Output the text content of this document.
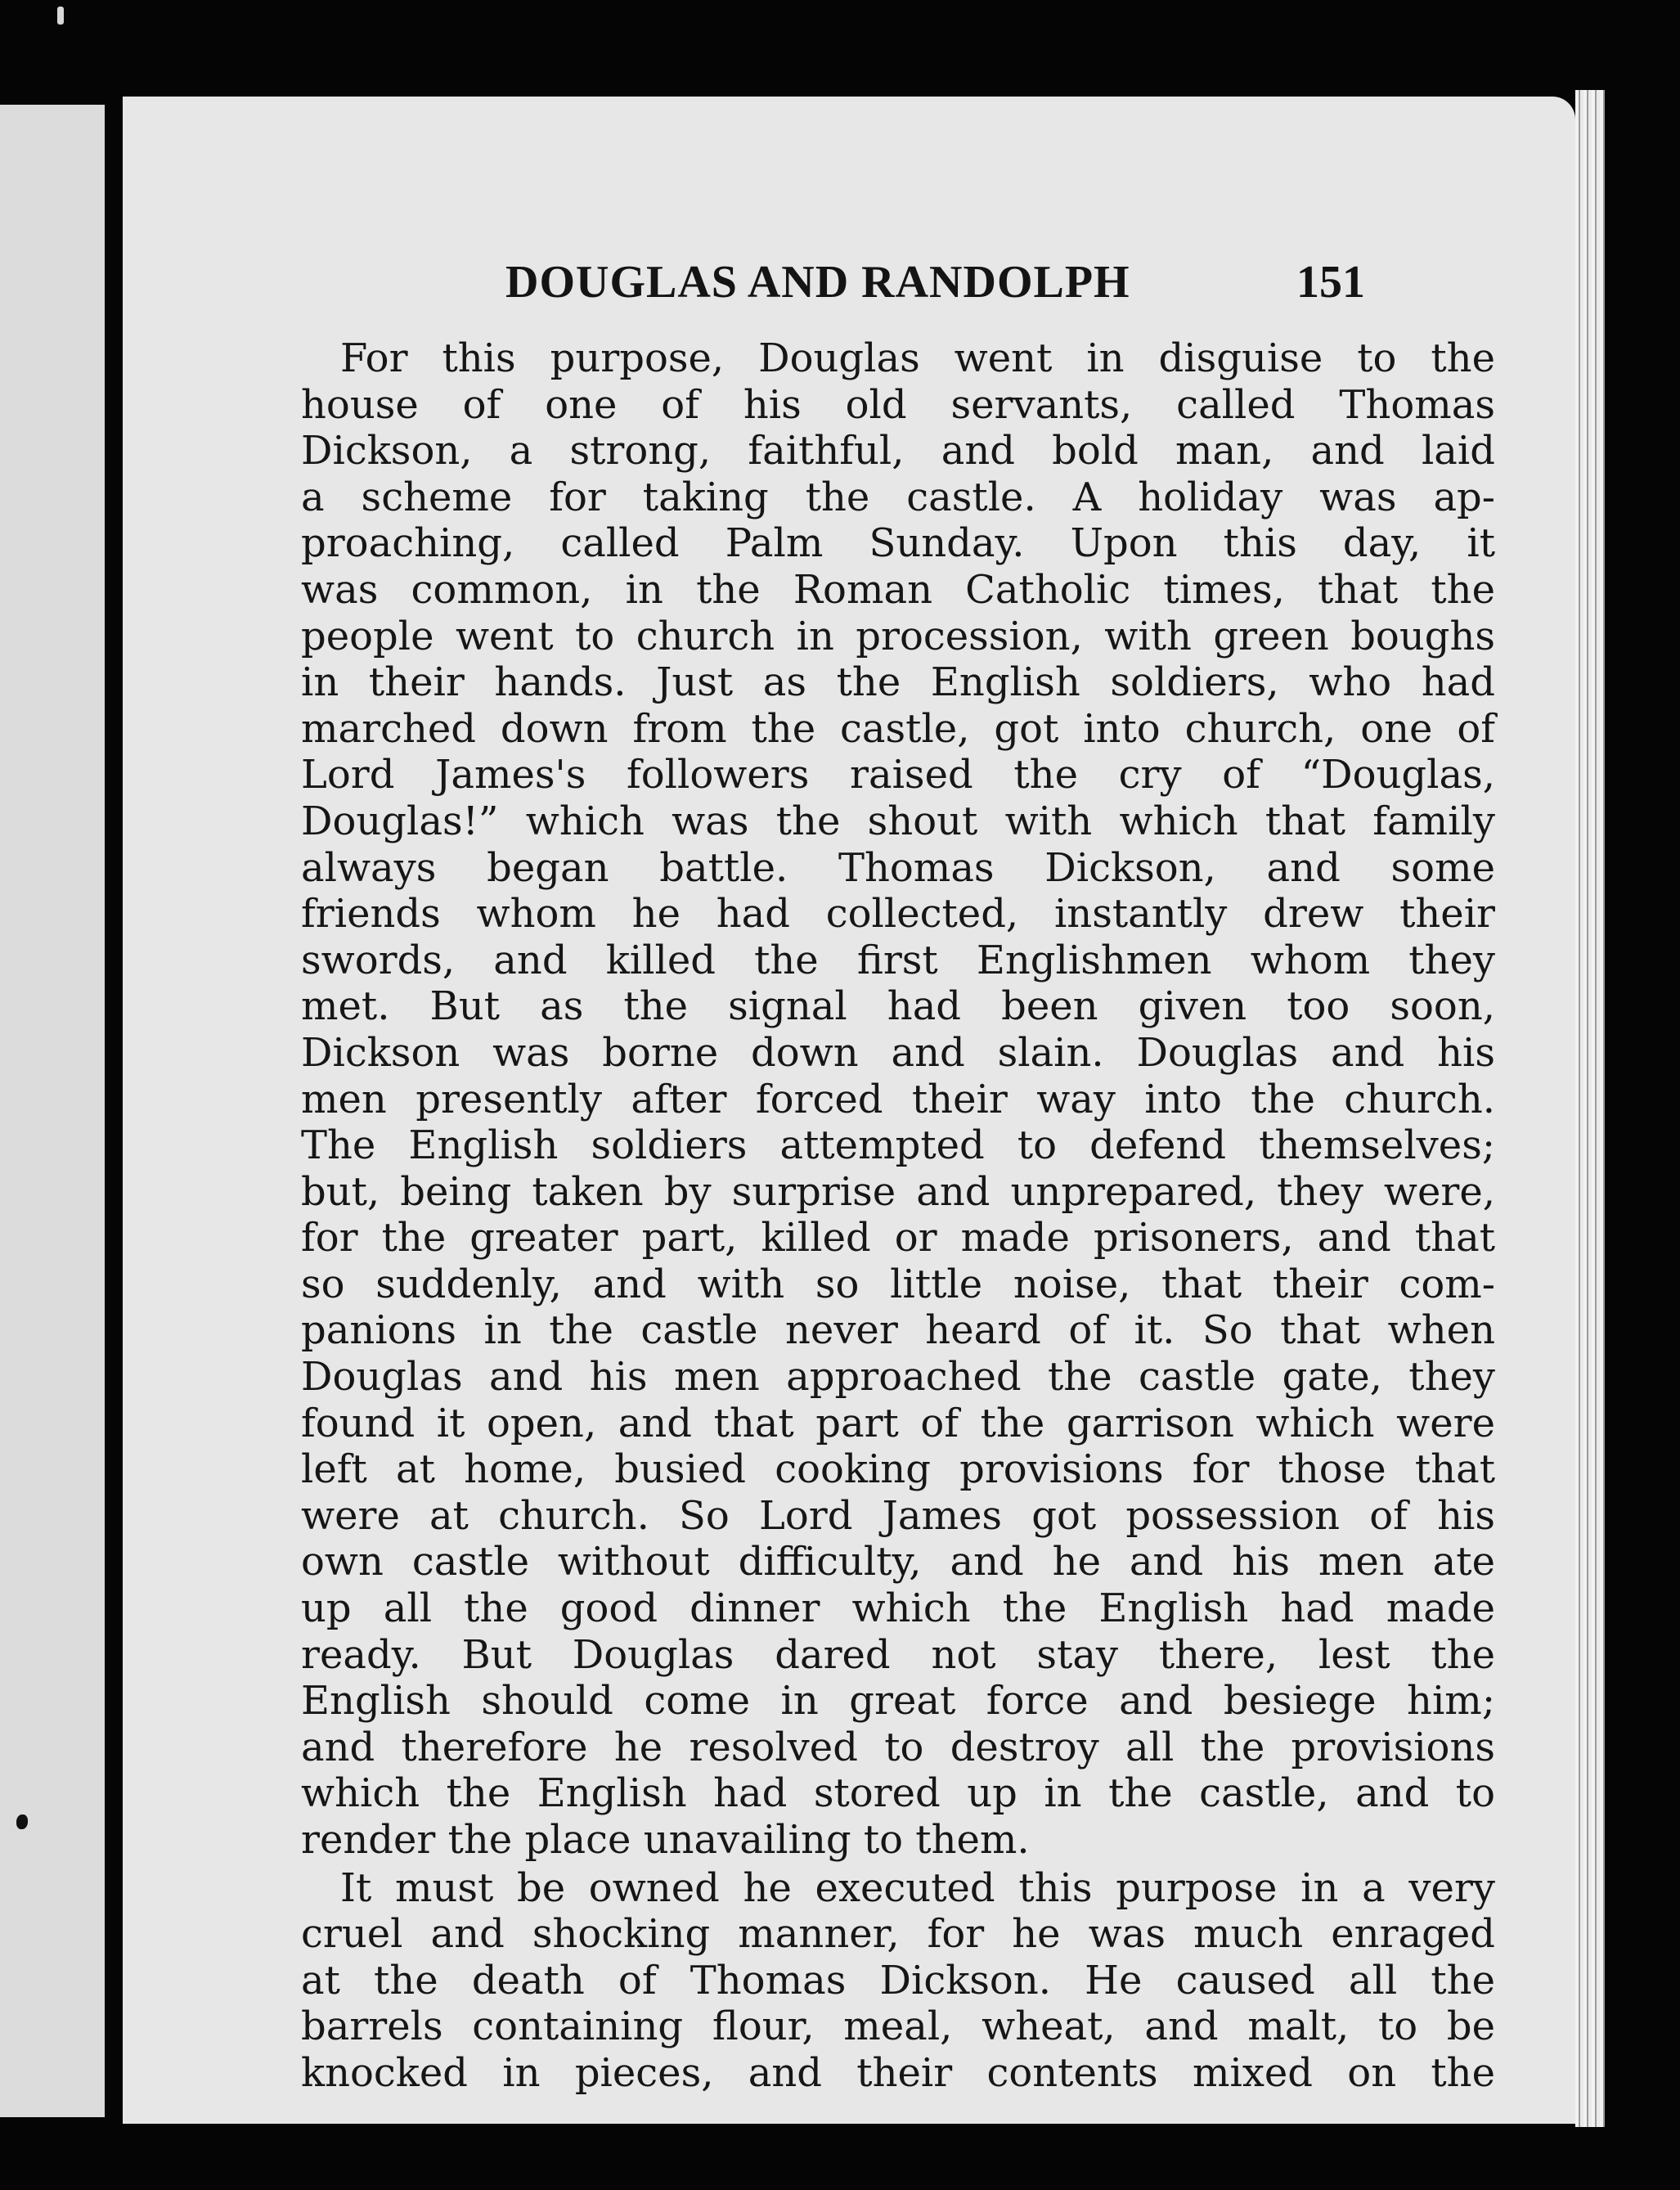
DOUGLAS AND RANDOLPH	151
For this purpose, Douglas went in disguise to the
house of one of his old servants, called Thomas
Dickson, a strong, faithful, and bold man, and laid
a scheme for taking the castle. A holiday was ap-
proaching, called Palm Sunday. Upon this day, it
was common, in the Roman Catholic times, that the
people went to church in procession, with green boughs
in their hands. Just as the English soldiers, who had
marched down from the castle, got into church, one of
Lord James's followers raised the cry of “Douglas,
Douglas!” which was the shout with which that family
always began battle. Thomas Dickson, and some
friends whom he had collected, instantly drew their
swords, and killed the first Englishmen whom they
met. But as the signal had been given too soon,
Dickson was borne down and slain. Douglas and his
men presently after forced their way into the church.
The English soldiers attempted to defend themselves;
but, being taken by surprise and unprepared, they were,
for the greater part, killed or made prisoners, and that
so suddenly, and with so little noise, that their com-
panions in the castle never heard of it. So that when
Douglas and his men approached the castle gate, they
found it open, and that part of the garrison which were
left at home, busied cooking provisions for those that
were at church. So Lord James got possession of his
own castle without difficulty, and he and his men ate
up all the good dinner which the English had made
ready. But Douglas dared not stay there, lest the
English should come in great force and besiege him;
and therefore he resolved to destroy all the provisions
which the English had stored up in the castle, and to
render the place unavailing to them.
It must be owned he executed this purpose in a very
cruel and shocking manner, for he was much enraged
at the death of Thomas Dickson. He caused all the
barrels containing flour, meal, wheat, and malt, to be
knocked in pieces, and their contents mixed on the
